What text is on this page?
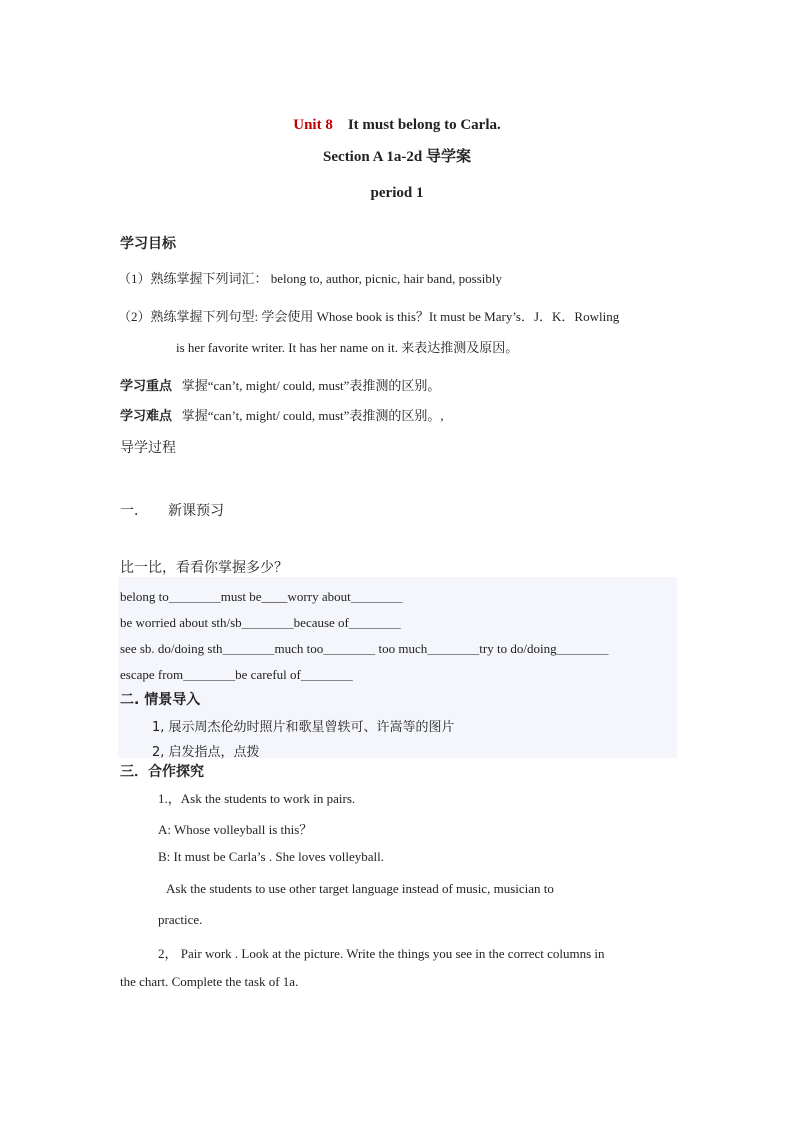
Unit 8 It must belong to Carla.
Section A 1a-2d 导学案
period 1
学习目标
（1）熟练掌握下列词汇： belong to, author, picnic, hair band, possibly
（2）熟练掌握下列句型: 学会使用 Whose book is this？It must be Mary’s．J．K．Rowling
is her favorite writer. It has her name on it. 来表达推测及原因。
学习重点 掌握“can’t, might/ could, must”表推测的区别。
学习难点 掌握“can’t, might/ could, must”表推测的区别。,
导学过程
一． 新课预习
比一比，看看你掌握多少？
belong to＿＿＿＿must be____worry about＿＿＿＿
be worried about sth/sb＿＿＿＿because of＿＿＿＿
see sb. do/doing sth＿＿＿＿much too＿＿＿＿ too much＿＿＿＿try to do/doing＿＿＿＿
escape from＿＿＿＿be careful of＿＿＿＿
二. 情景导入
1, 展示周杰伦幼时照片和歌星曾轶可、许嵩等的图片
2, 启发指点，点拨
三．合作探究
1.，Ask the students to work in pairs.
A: Whose volleyball is this？
B: It must be Carla’s . She loves volleyball.
Ask the students to use other target language instead of music, musician to
practice.
2， Pair work . Look at the picture. Write the things you see in the correct columns in
the chart. Complete the task of 1a.
